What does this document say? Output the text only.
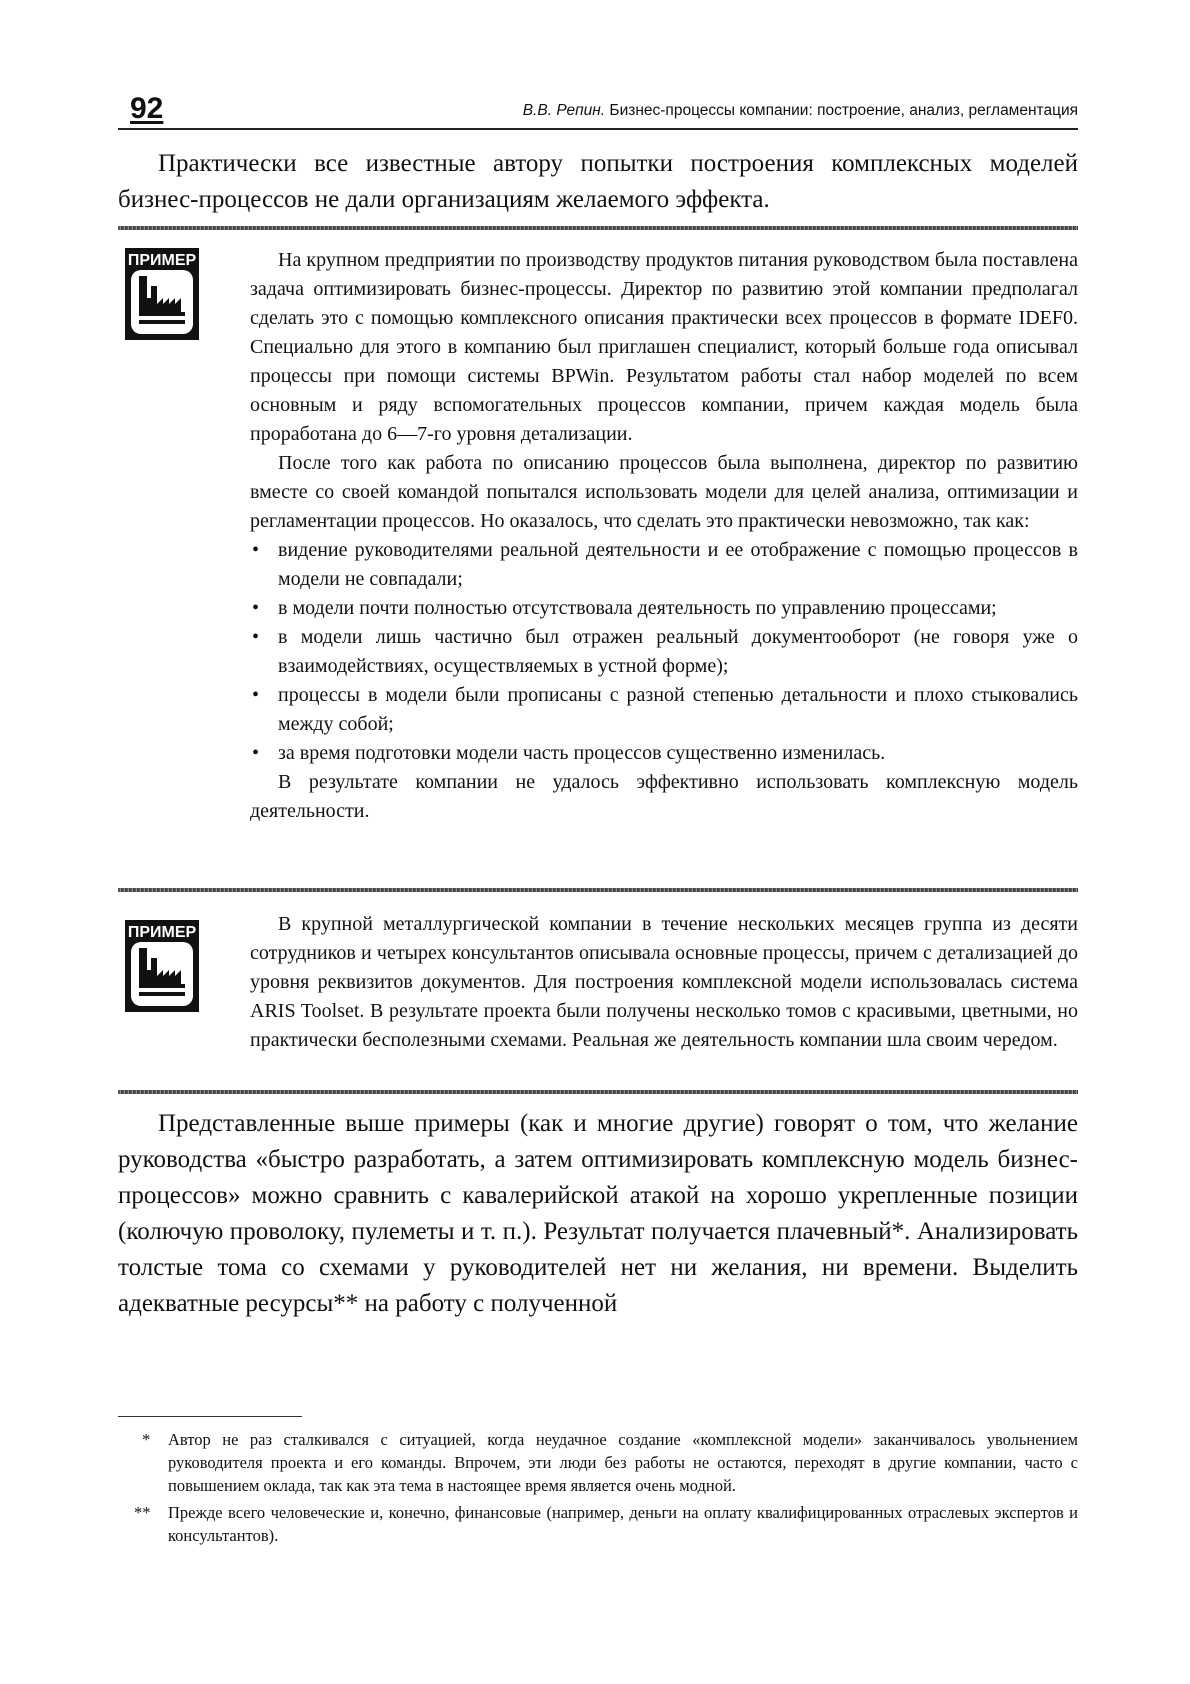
92	В.В. Репин. Бизнес-процессы компании: построение, анализ, регламентация

Практически все известные автору попытки построения комплексных моделей бизнес-процессов не дали организациям желаемого эффекта.

ПРИМЕР	На крупном предприятии по производству продуктов питания руководством была поставлена задача оптимизировать бизнес-процессы. Директор по развитию этой компании предполагал сделать это с помощью комплексного описания практически всех процессов в формате IDEF0. Специально для этого в компанию был приглашен специалист, который больше года описывал процессы при помощи системы BPWin. Результатом работы стал набор моделей по всем основным и ряду вспомогательных процессов компании, причем каждая модель была проработана до 6—7-го уровня детализации.

После того как работа по описанию процессов была выполнена, директор по развитию вместе со своей командой попытался использовать модели для целей анализа, оптимизации и регламентации процессов. Но оказалось, что сделать это практически невозможно, так как:

• видение руководителями реальной деятельности и ее отображение с помощью процессов в модели не совпадали;
• в модели почти полностью отсутствовала деятельность по управлению процессами;
• в модели лишь частично был отражен реальный документооборот (не говоря уже о взаимодействиях, осуществляемых в устной форме);
• процессы в модели были прописаны с разной степенью детальности и плохо стыковались между собой;
• за время подготовки модели часть процессов существенно изменилась.

В результате компании не удалось эффективно использовать комплексную модель деятельности.

ПРИМЕР	В крупной металлургической компании в течение нескольких месяцев группа из десяти сотрудников и четырех консультантов описывала основные процессы, причем с детализацией до уровня реквизитов документов. Для построения комплексной модели использовалась система ARIS Toolset. В результате проекта были получены несколько томов с красивыми, цветными, но практически бесполезными схемами. Реальная же деятельность компании шла своим чередом.

Представленные выше примеры (как и многие другие) говорят о том, что желание руководства «быстро разработать, а затем оптимизировать комплексную модель бизнес-процессов» можно сравнить с кавалерийской атакой на хорошо укрепленные позиции (колючую проволоку, пулеметы и т. п.). Результат получается плачевный*. Анализировать толстые тома со схемами у руководителей нет ни желания, ни времени. Выделить адекватные ресурсы** на работу с полученной

* Автор не раз сталкивался с ситуацией, когда неудачное создание «комплексной модели» заканчивалось увольнением руководителя проекта и его команды. Впрочем, эти люди без работы не остаются, переходят в другие компании, часто с повышением оклада, так как эта тема в настоящее время является очень модной.
** Прежде всего человеческие и, конечно, финансовые (например, деньги на оплату квалифицированных отраслевых экспертов и консультантов).
